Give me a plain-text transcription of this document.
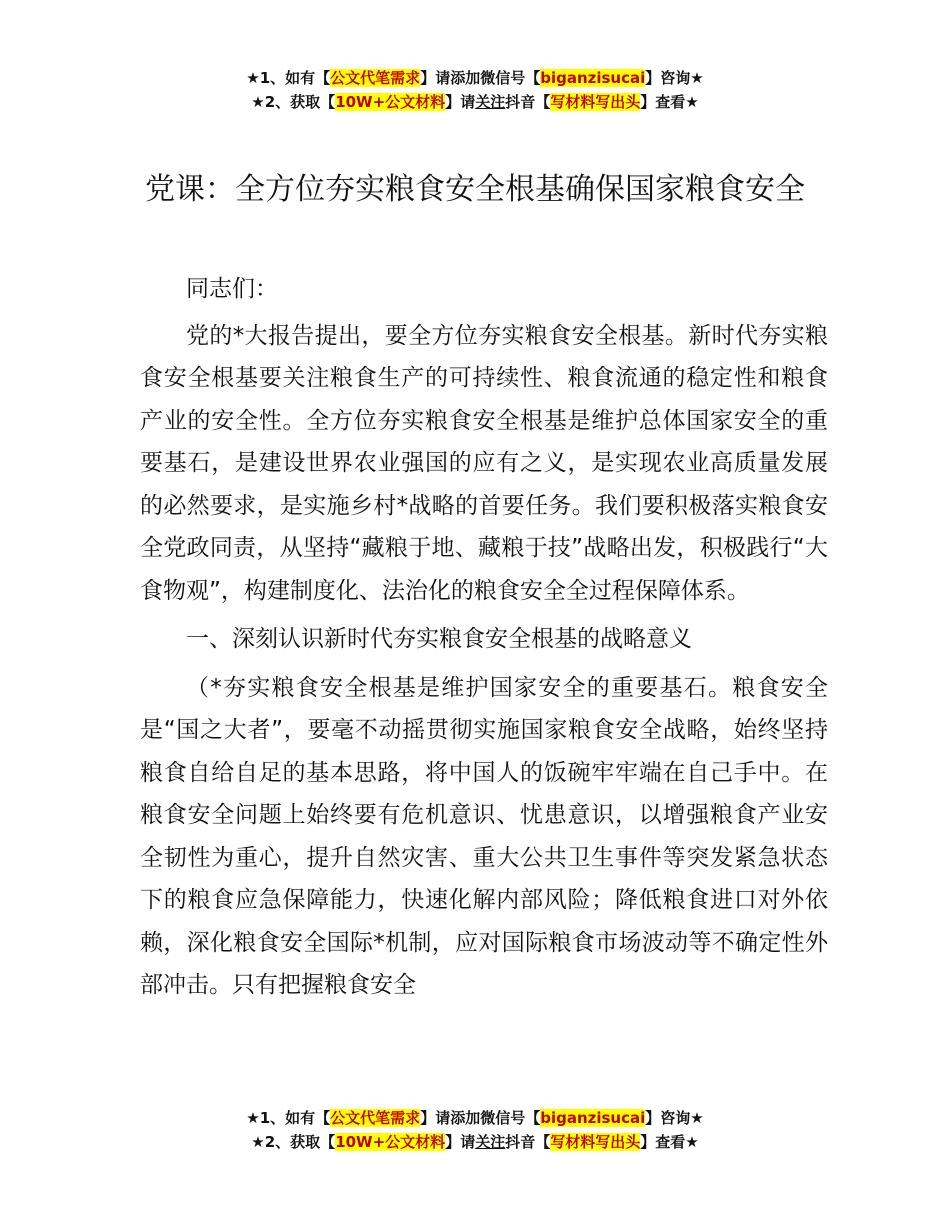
★1、如有【公文代笔需求】请添加微信号【biganzisucai】咨询★
★2、获取【10W+公文材料】请关注抖音【写材料写出头】查看★
党课：全方位夯实粮食安全根基确保国家粮食安全

同志们：

党的*大报告提出，要全方位夯实粮食安全根基。新时代夯实粮食安全根基要关注粮食生产的可持续性、粮食流通的稳定性和粮食产业的安全性。全方位夯实粮食安全根基是维护总体国家安全的重要基石，是建设世界农业强国的应有之义，是实现农业高质量发展的必然要求，是实施乡村*战略的首要任务。我们要积极落实粮食安全党政同责，从坚持“藏粮于地、藏粮于技”战略出发，积极践行“大食物观”，构建制度化、法治化的粮食安全全过程保障体系。

一、深刻认识新时代夯实粮食安全根基的战略意义

（*夯实粮食安全根基是维护国家安全的重要基石。粮食安全是“国之大者”，要毫不动摇贯彻实施国家粮食安全战略，始终坚持粮食自给自足的基本思路，将中国人的饭碗牢牢端在自己手中。在粮食安全问题上始终要有危机意识、忧患意识，以增强粮食产业安全韧性为重心，提升自然灾害、重大公共卫生事件等突发紧急状态下的粮食应急保障能力，快速化解内部风险；降低粮食进口对外依赖，深化粮食安全国际*机制，应对国际粮食市场波动等不确定性外部冲击。只有把握粮食安全

★1、如有【公文代笔需求】请添加微信号【biganzisucai】咨询★
★2、获取【10W+公文材料】请关注抖音【写材料写出头】查看★
